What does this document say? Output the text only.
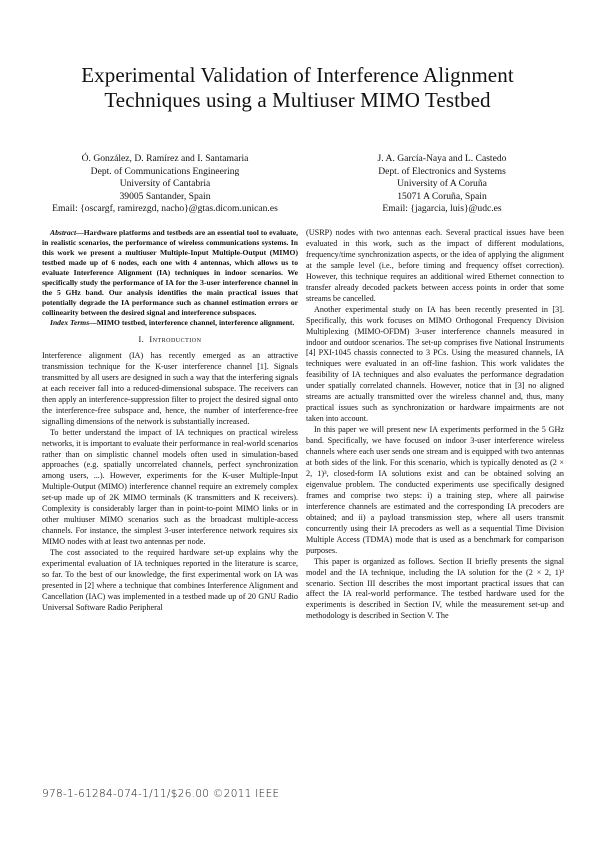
Experimental Validation of Interference Alignment
Techniques using a Multiuser MIMO Testbed
Ó. González, D. Ramírez and I. Santamaria
Dept. of Communications Engineering
University of Cantabria
39005 Santander, Spain
Email: {oscargf, ramirezgd, nacho}@gtas.dicom.unican.es
J. A. García-Naya and L. Castedo
Dept. of Electronics and Systems
University of A Coruña
15071 A Coruña, Spain
Email: {jagarcia, luis}@udc.es

Abstract—Hardware platforms and testbeds are an essential tool to evaluate, in realistic scenarios, the performance of wireless communications systems. In this work we present a multiuser Multiple-Input Multiple-Output (MIMO) testbed made up of 6 nodes, each one with 4 antennas, which allows us to evaluate Interference Alignment (IA) techniques in indoor scenarios. We specifically study the performance of IA for the 3-user interference channel in the 5 GHz band. Our analysis identifies the main practical issues that potentially degrade the IA performance such as channel estimation errors or collinearity between the desired signal and interference subspaces.

Index Terms—MIMO testbed, interference channel, interference alignment.

I. Introduction

Interference alignment (IA) has recently emerged as an attractive transmission technique for the K-user interference channel [1]. Signals transmitted by all users are designed in such a way that the interfering signals at each receiver fall into a reduced-dimensional subspace. The receivers can then apply an interference-suppression filter to project the desired signal onto the interference-free subspace and, hence, the number of interference-free signalling dimensions of the network is substantially increased.

To better understand the impact of IA techniques on practical wireless networks, it is important to evaluate their performance in real-world scenarios rather than on simplistic channel models often used in simulation-based approaches (e.g. spatially uncorrelated channels, perfect synchronization among users, ...). However, experiments for the K-user Multiple-Input Multiple-Output (MIMO) interference channel require an extremely complex set-up made up of 2K MIMO terminals (K transmitters and K receivers). Complexity is considerably larger than in point-to-point MIMO links or in other multiuser MIMO scenarios such as the broadcast multiple-access channels. For instance, the simplest 3-user interference network requires six MIMO nodes with at least two antennas per node.

The cost associated to the required hardware set-up explains why the experimental evaluation of IA techniques reported in the literature is scarce, so far. To the best of our knowledge, the first experimental work on IA was presented in [2] where a technique that combines Interference Alignment and Cancellation (IAC) was implemented in a testbed made up of 20 GNU Radio Universal Software Radio Peripheral

(USRP) nodes with two antennas each. Several practical issues have been evaluated in this work, such as the impact of different modulations, frequency/time synchronization aspects, or the idea of applying the alignment at the sample level (i.e., before timing and frequency offset correction). However, this technique requires an additional wired Ethernet connection to transfer already decoded packets between access points in order that some streams be cancelled.

Another experimental study on IA has been recently presented in [3]. Specifically, this work focuses on MIMO Orthogonal Frequency Division Multiplexing (MIMO-OFDM) 3-user interference channels measured in indoor and outdoor scenarios. The set-up comprises five National Instruments [4] PXI-1045 chassis connected to 3 PCs. Using the measured channels, IA techniques were evaluated in an off-line fashion. This work validates the feasibility of IA techniques and also evaluates the performance degradation under spatially correlated channels. However, notice that in [3] no aligned streams are actually transmitted over the wireless channel and, thus, many practical issues such as synchronization or hardware impairments are not taken into account.

In this paper we will present new IA experiments performed in the 5 GHz band. Specifically, we have focused on indoor 3-user interference wireless channels where each user sends one stream and is equipped with two antennas at both sides of the link. For this scenario, which is typically denoted as (2 × 2, 1)³, closed-form IA solutions exist and can be obtained solving an eigenvalue problem. The conducted experiments use specifically designed frames and comprise two steps: i) a training step, where all pairwise interference channels are estimated and the corresponding IA precoders are obtained; and ii) a payload transmission step, where all users transmit concurrently using their IA precoders as well as a sequential Time Division Multiple Access (TDMA) mode that is used as a benchmark for comparison purposes.

This paper is organized as follows. Section II briefly presents the signal model and the IA technique, including the IA solution for the (2 × 2, 1)³ scenario. Section III describes the most important practical issues that can affect the IA real-world performance. The testbed hardware used for the experiments is described in Section IV, while the measurement set-up and methodology is described in Section V. The

978-1-61284-074-1/11/$26.00 ©2011 IEEE
